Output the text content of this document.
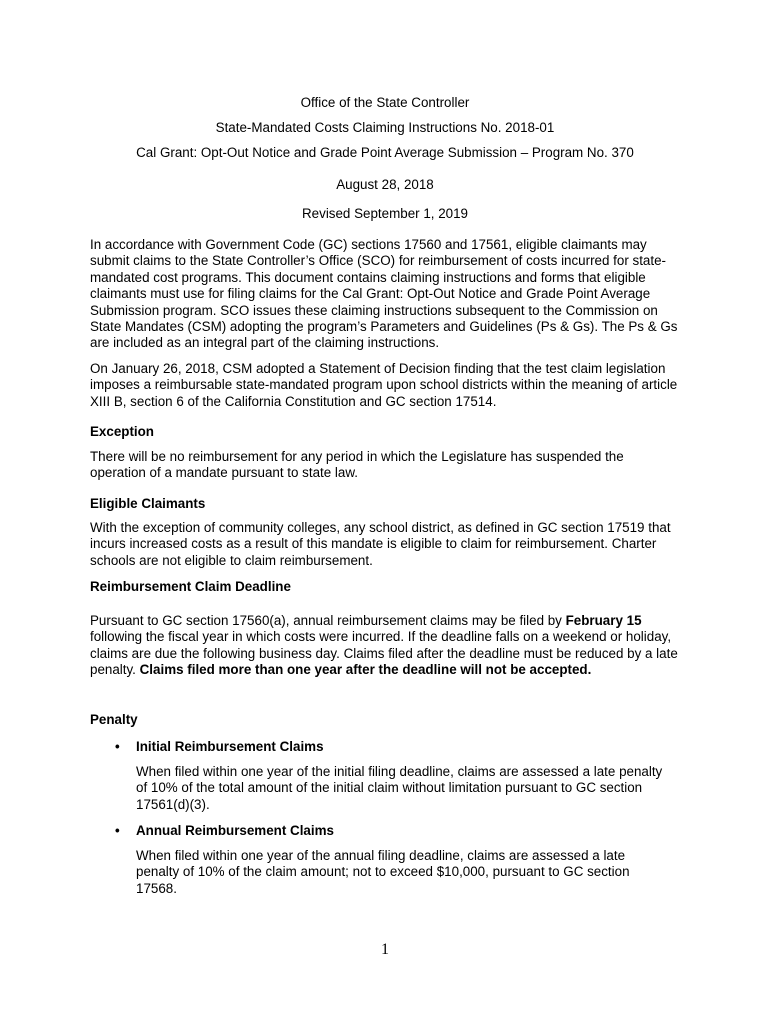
Office of the State Controller

State-Mandated Costs Claiming Instructions No. 2018-01

Cal Grant: Opt-Out Notice and Grade Point Average Submission – Program No. 370

August 28, 2018

Revised September 1, 2019

In accordance with Government Code (GC) sections 17560 and 17561, eligible claimants may submit claims to the State Controller’s Office (SCO) for reimbursement of costs incurred for state-mandated cost programs. This document contains claiming instructions and forms that eligible claimants must use for filing claims for the Cal Grant: Opt-Out Notice and Grade Point Average Submission program. SCO issues these claiming instructions subsequent to the Commission on State Mandates (CSM) adopting the program’s Parameters and Guidelines (Ps & Gs). The Ps & Gs are included as an integral part of the claiming instructions.

On January 26, 2018, CSM adopted a Statement of Decision finding that the test claim legislation imposes a reimbursable state-mandated program upon school districts within the meaning of article XIII B, section 6 of the California Constitution and GC section 17514.

Exception

There will be no reimbursement for any period in which the Legislature has suspended the operation of a mandate pursuant to state law.

Eligible Claimants

With the exception of community colleges, any school district, as defined in GC section 17519 that incurs increased costs as a result of this mandate is eligible to claim for reimbursement. Charter schools are not eligible to claim reimbursement.

Reimbursement Claim Deadline

Pursuant to GC section 17560(a), annual reimbursement claims may be filed by February 15 following the fiscal year in which costs were incurred. If the deadline falls on a weekend or holiday, claims are due the following business day. Claims filed after the deadline must be reduced by a late penalty. Claims filed more than one year after the deadline will not be accepted.

Penalty

• Initial Reimbursement Claims

When filed within one year of the initial filing deadline, claims are assessed a late penalty of 10% of the total amount of the initial claim without limitation pursuant to GC section 17561(d)(3).

• Annual Reimbursement Claims

When filed within one year of the annual filing deadline, claims are assessed a late penalty of 10% of the claim amount; not to exceed $10,000, pursuant to GC section 17568.

1
